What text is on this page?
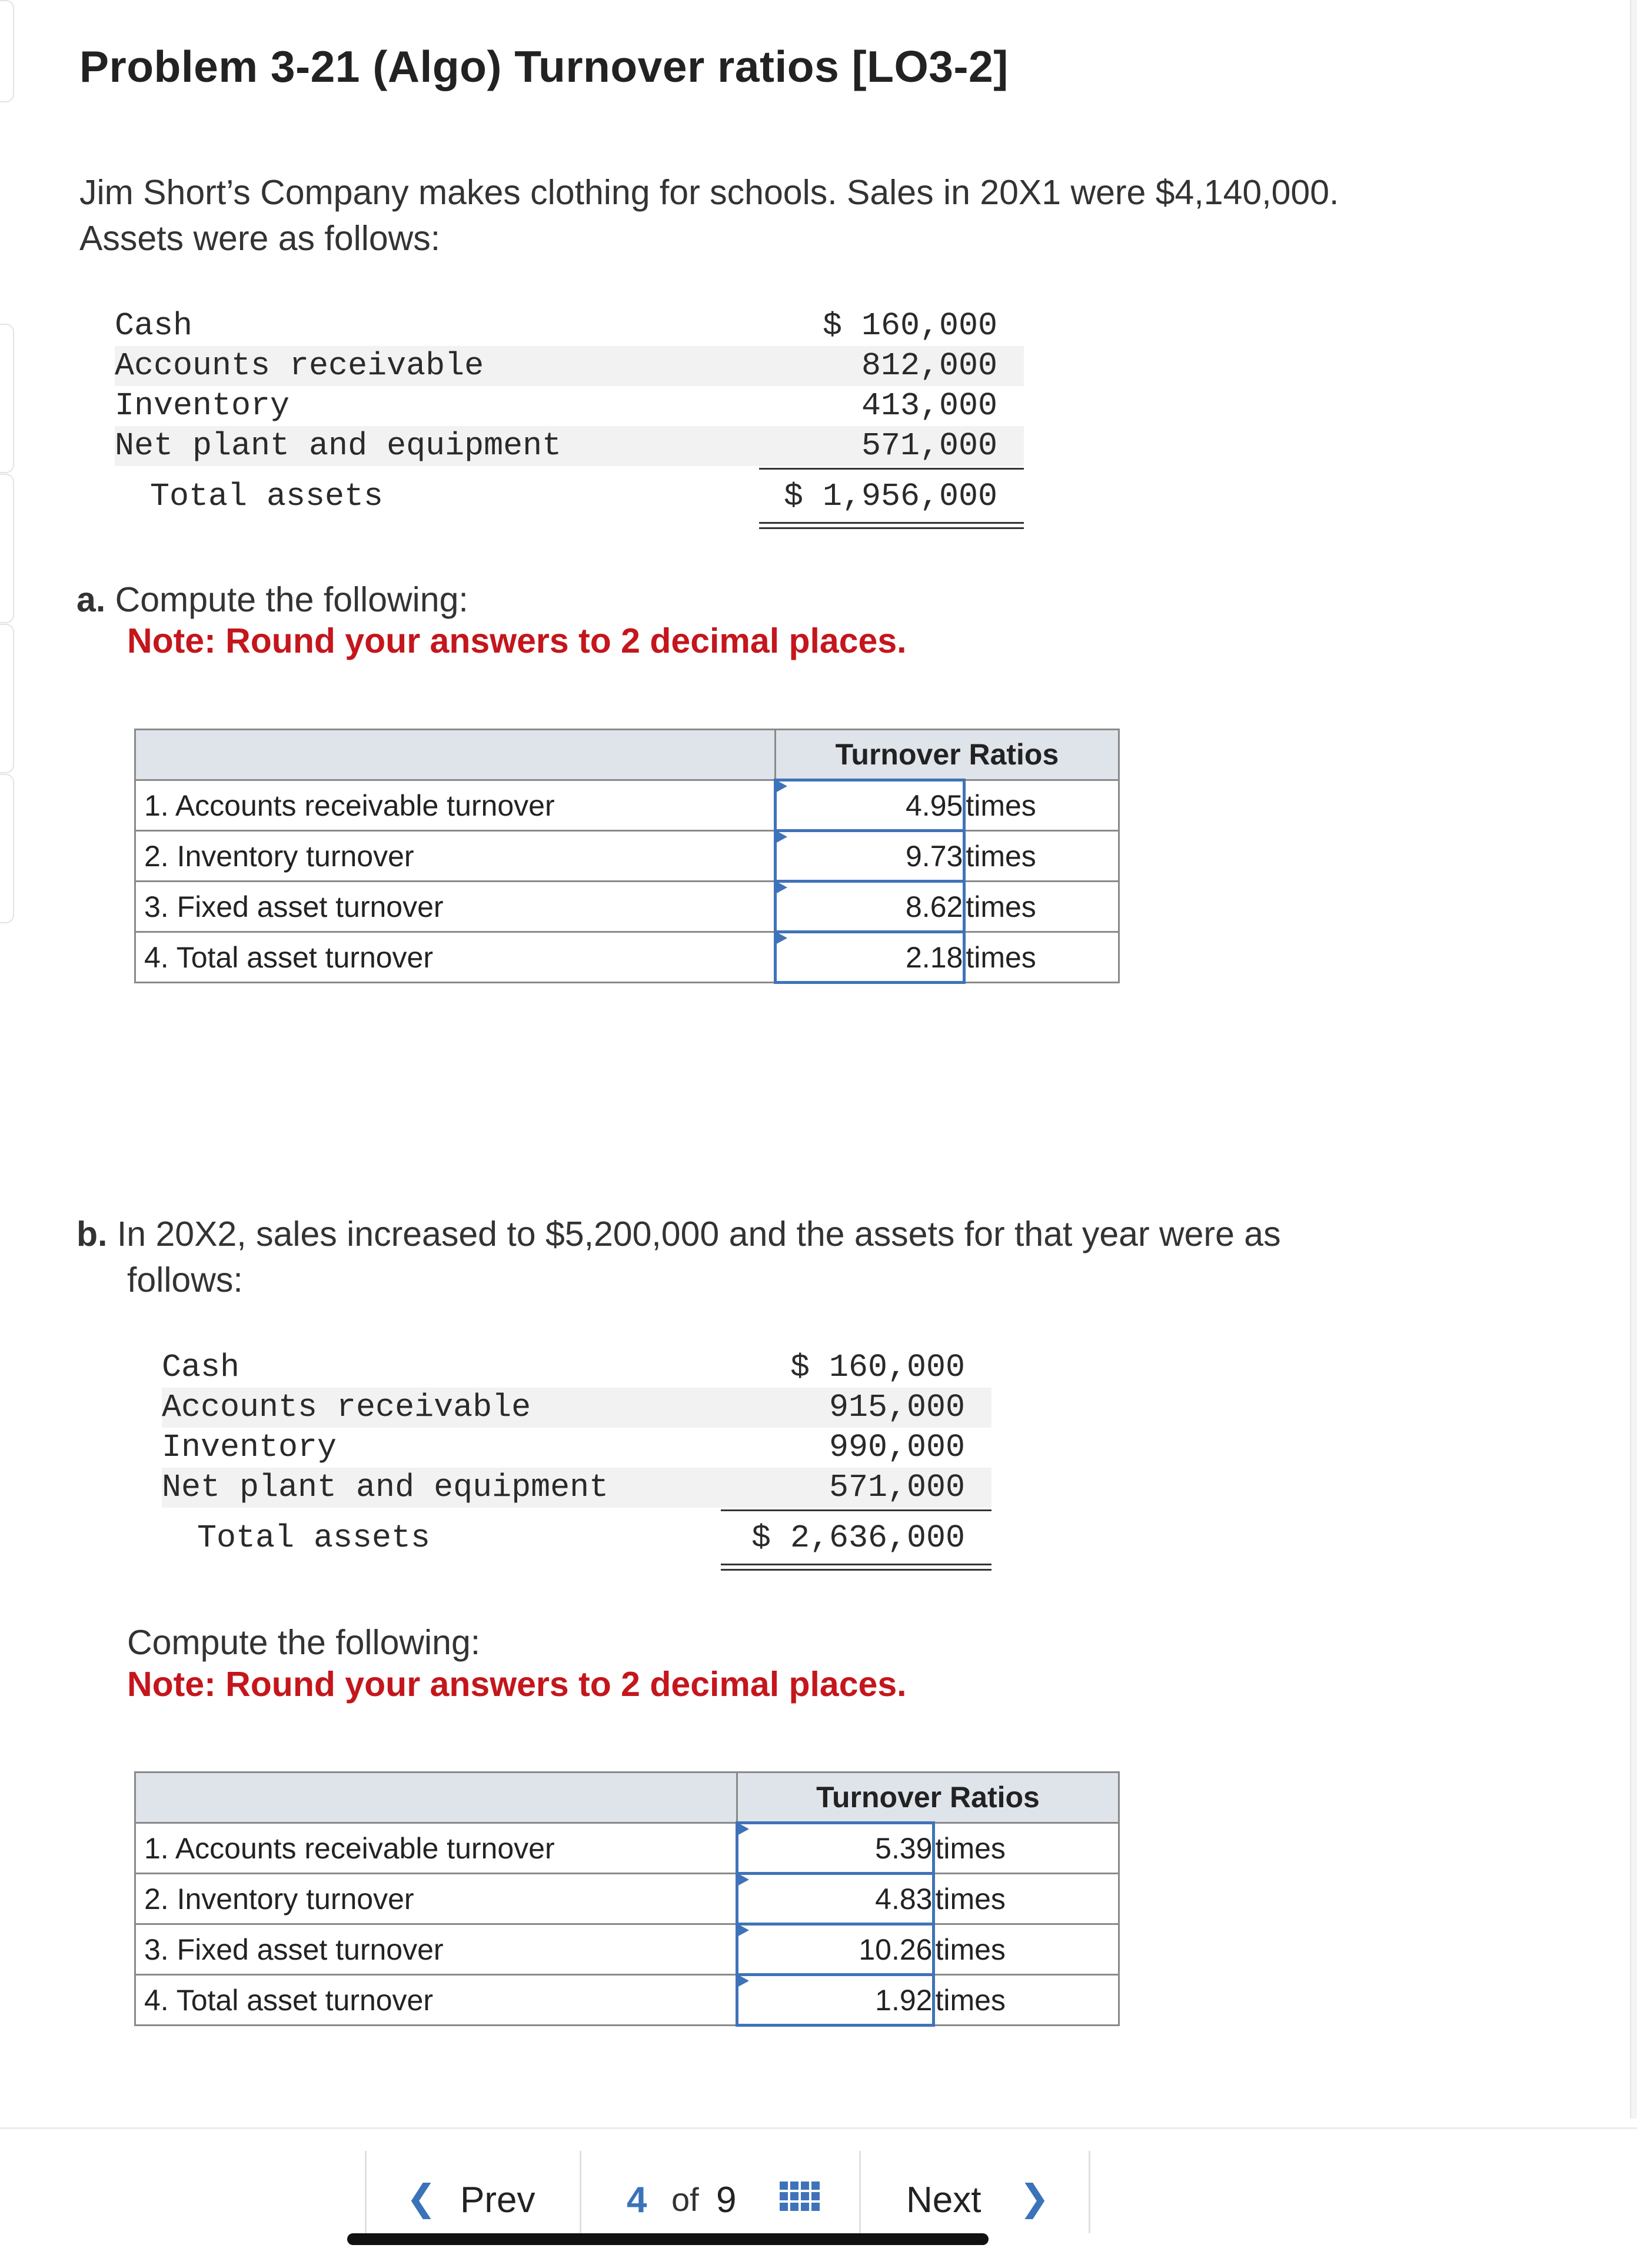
Problem 3-21 (Algo) Turnover ratios [LO3-2]
Jim Short’s Company makes clothing for schools. Sales in 20X1 were $4,140,000.
Assets were as follows:
Cash	$ 160,000
Accounts receivable	812,000
Inventory	413,000
Net plant and equipment	571,000
Total assets	$ 1,956,000
a. Compute the following:
Note: Round your answers to 2 decimal places.
	Turnover Ratios	
1. Accounts receivable turnover	4.95	times
2. Inventory turnover	9.73	times
3. Fixed asset turnover	8.62	times
4. Total asset turnover	2.18	times
b. In 20X2, sales increased to $5,200,000 and the assets for that year were as
follows:
Cash	$ 160,000
Accounts receivable	915,000
Inventory	990,000
Net plant and equipment	571,000
Total assets	$ 2,636,000
Compute the following:
Note: Round your answers to 2 decimal places.
	Turnover Ratios	
1. Accounts receivable turnover	5.39	times
2. Inventory turnover	4.83	times
3. Fixed asset turnover	10.26	times
4. Total asset turnover	1.92	times
❮ Prev	4 of 9	Next ❯
